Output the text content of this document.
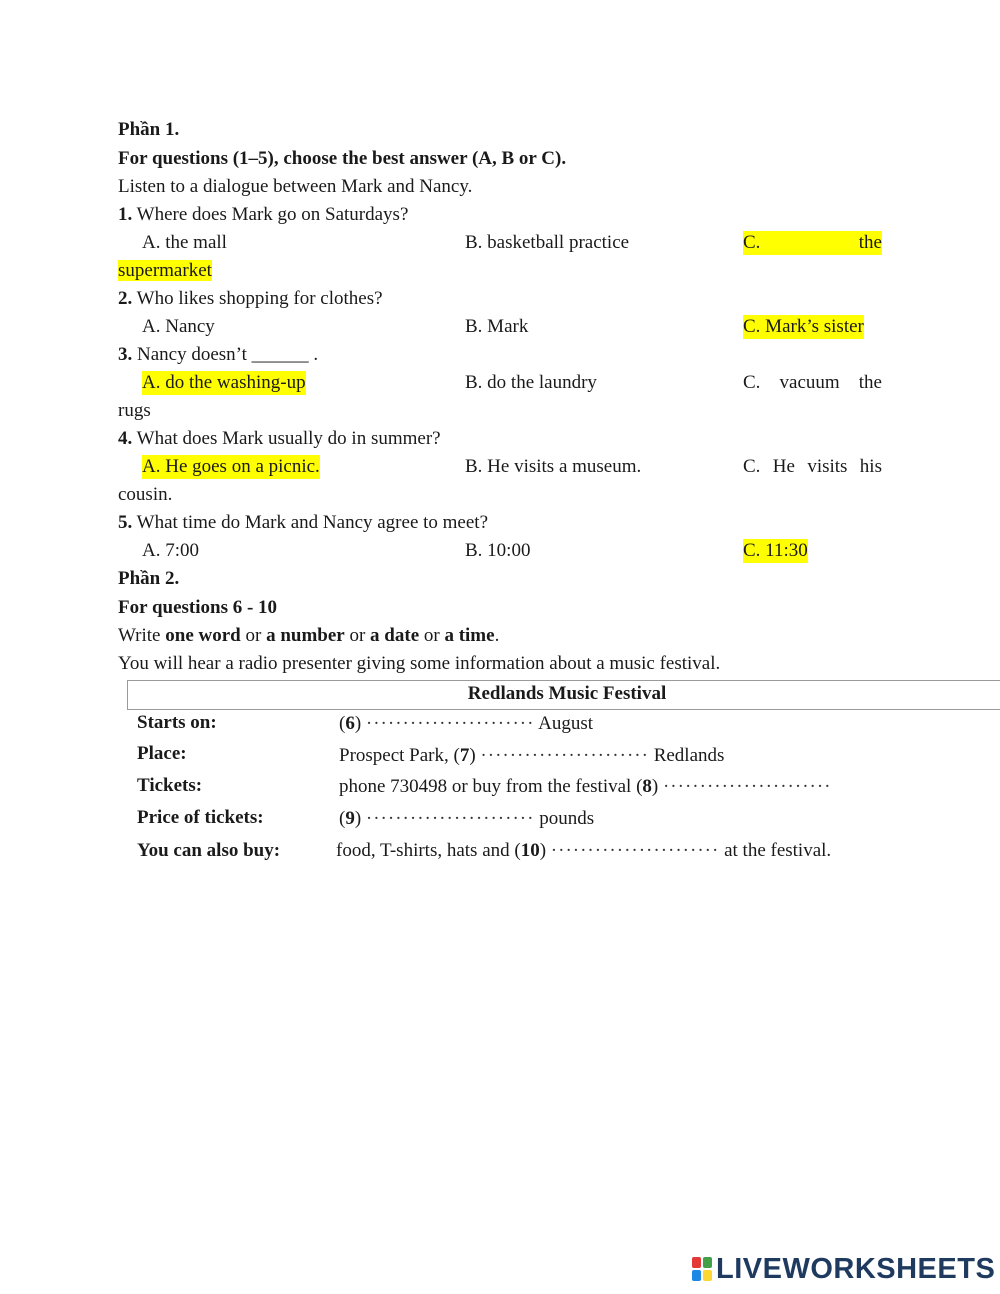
Phần 1.
For questions (1–5), choose the best answer (A, B or C).
Listen to a dialogue between Mark and Nancy.
1. Where does Mark go on Saturdays?
A. the mall	B. basketball practice	C.	the
supermarket
2. Who likes shopping for clothes?
A. Nancy	B. Mark	C. Mark’s sister
3. Nancy doesn’t ______ .
A. do the washing-up	B. do the laundry	C. vacuum the
rugs
4. What does Mark usually do in summer?
A. He goes on a picnic.	B. He visits a museum.	C. He visits his
cousin.
5. What time do Mark and Nancy agree to meet?
A. 7:00	B. 10:00	C. 11:30
Phần 2.
For questions 6 - 10
Write one word or a number or a date or a time.
You will hear a radio presenter giving some information about a music festival.
Redlands Music Festival
Starts on:	(6) ······················· August
Place:	Prospect Park, (7) ······················· Redlands
Tickets:	phone 730498 or buy from the festival (8) ·······················
Price of tickets:	(9) ······················· pounds
You can also buy:	food, T-shirts, hats and (10) ······················· at the festival.
LIVEWORKSHEETS
